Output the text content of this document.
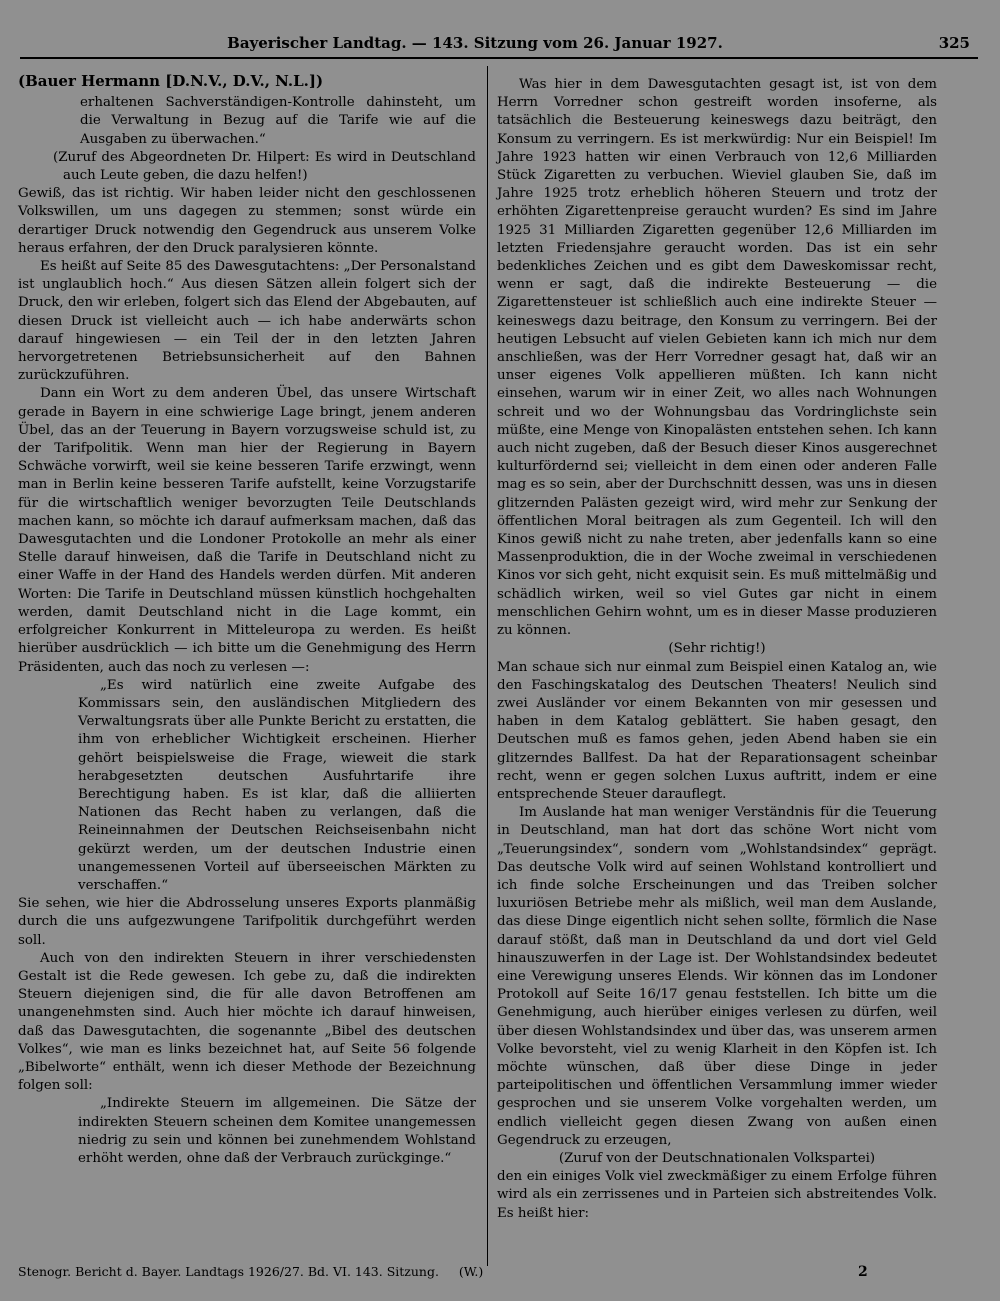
Bayerischer Landtag. — 143. Sitzung vom 26. Januar 1927.	325

(Bauer Hermann [D.N.V., D.V., N.L.])

erhaltenen Sachverständigen-Kontrolle dahinsteht, um die Verwaltung in Bezug auf die Tarife wie auf die Ausgaben zu überwachen.“

(Zuruf des Abgeordneten Dr. Hilpert: Es wird in Deutschland auch Leute geben, die dazu helfen!)

Gewiß, das ist richtig. Wir haben leider nicht den geschlossenen Volkswillen, um uns dagegen zu stemmen; sonst würde ein derartiger Druck notwendig den Gegendruck aus unserem Volke heraus erfahren, der den Druck paralysieren könnte.

Es heißt auf Seite 85 des Dawesgutachtens: „Der Personalstand ist unglaublich hoch.“ Aus diesen Sätzen allein folgert sich der Druck, den wir erleben, folgert sich das Elend der Abgebauten, auf diesen Druck ist vielleicht auch — ich habe anderwärts schon darauf hingewiesen — ein Teil der in den letzten Jahren hervorgetretenen Betriebsunsicherheit auf den Bahnen zurückzuführen.

Dann ein Wort zu dem anderen Übel, das unsere Wirtschaft gerade in Bayern in eine schwierige Lage bringt, jenem anderen Übel, das an der Teuerung in Bayern vorzugsweise schuld ist, zu der Tarifpolitik. Wenn man hier der Regierung in Bayern Schwäche vorwirft, weil sie keine besseren Tarife erzwingt, wenn man in Berlin keine besseren Tarife aufstellt, keine Vorzugstarife für die wirtschaftlich weniger bevorzugten Teile Deutschlands machen kann, so möchte ich darauf aufmerksam machen, daß das Dawesgutachten und die Londoner Protokolle an mehr als einer Stelle darauf hinweisen, daß die Tarife in Deutschland nicht zu einer Waffe in der Hand des Handels werden dürfen. Mit anderen Worten: Die Tarife in Deutschland müssen künstlich hochgehalten werden, damit Deutschland nicht in die Lage kommt, ein erfolgreicher Konkurrent in Mitteleuropa zu werden. Es heißt hierüber ausdrücklich — ich bitte um die Genehmigung des Herrn Präsidenten, auch das noch zu verlesen —:

„Es wird natürlich eine zweite Aufgabe des Kommissars sein, den ausländischen Mitgliedern des Verwaltungsrats über alle Punkte Bericht zu erstatten, die ihm von erheblicher Wichtigkeit erscheinen. Hierher gehört beispielsweise die Frage, wieweit die stark herabgesetzten deutschen Ausfuhrtarife ihre Berechtigung haben. Es ist klar, daß die alliierten Nationen das Recht haben zu verlangen, daß die Reineinnahmen der Deutschen Reichseisenbahn nicht gekürzt werden, um der deutschen Industrie einen unangemessenen Vorteil auf überseeischen Märkten zu verschaffen.“

Sie sehen, wie hier die Abdrosselung unseres Exports planmäßig durch die uns aufgezwungene Tarifpolitik durchgeführt werden soll.

Auch von den indirekten Steuern in ihrer verschiedensten Gestalt ist die Rede gewesen. Ich gebe zu, daß die indirekten Steuern diejenigen sind, die für alle davon Betroffenen am unangenehmsten sind. Auch hier möchte ich darauf hinweisen, daß das Dawesgutachten, die sogenannte „Bibel des deutschen Volkes“, wie man es links bezeichnet hat, auf Seite 56 folgende „Bibelworte“ enthält, wenn ich dieser Methode der Bezeichnung folgen soll:

„Indirekte Steuern im allgemeinen. Die Sätze der indirekten Steuern scheinen dem Komitee unangemessen niedrig zu sein und können bei zunehmendem Wohlstand erhöht werden, ohne daß der Verbrauch zurückginge.“

Was hier in dem Dawesgutachten gesagt ist, ist von dem Herrn Vorredner schon gestreift worden insoferne, als tatsächlich die Besteuerung keineswegs dazu beiträgt, den Konsum zu verringern. Es ist merkwürdig: Nur ein Beispiel! Im Jahre 1923 hatten wir einen Verbrauch von 12,6 Milliarden Stück Zigaretten zu verbuchen. Wieviel glauben Sie, daß im Jahre 1925 trotz erheblich höheren Steuern und trotz der erhöhten Zigarettenpreise geraucht wurden? Es sind im Jahre 1925 31 Milliarden Zigaretten gegenüber 12,6 Milliarden im letzten Friedensjahre geraucht worden. Das ist ein sehr bedenkliches Zeichen und es gibt dem Daweskomissar recht, wenn er sagt, daß die indirekte Besteuerung — die Zigarettensteuer ist schließlich auch eine indirekte Steuer — keineswegs dazu beitrage, den Konsum zu verringern. Bei der heutigen Lebsucht auf vielen Gebieten kann ich mich nur dem anschließen, was der Herr Vorredner gesagt hat, daß wir an unser eigenes Volk appellieren müßten. Ich kann nicht einsehen, warum wir in einer Zeit, wo alles nach Wohnungen schreit und wo der Wohnungsbau das Vordringlichste sein müßte, eine Menge von Kinopalästen entstehen sehen. Ich kann auch nicht zugeben, daß der Besuch dieser Kinos ausgerechnet kulturfördernd sei; vielleicht in dem einen oder anderen Falle mag es so sein, aber der Durchschnitt dessen, was uns in diesen glitzernden Palästen gezeigt wird, wird mehr zur Senkung der öffentlichen Moral beitragen als zum Gegenteil. Ich will den Kinos gewiß nicht zu nahe treten, aber jedenfalls kann so eine Massenproduktion, die in der Woche zweimal in verschiedenen Kinos vor sich geht, nicht exquisit sein. Es muß mittelmäßig und schädlich wirken, weil so viel Gutes gar nicht in einem menschlichen Gehirn wohnt, um es in dieser Masse produzieren zu können.

(Sehr richtig!)

Man schaue sich nur einmal zum Beispiel einen Katalog an, wie den Faschingskatalog des Deutschen Theaters! Neulich sind zwei Ausländer vor einem Bekannten von mir gesessen und haben in dem Katalog geblättert. Sie haben gesagt, den Deutschen muß es famos gehen, jeden Abend haben sie ein glitzerndes Ballfest. Da hat der Reparationsagent scheinbar recht, wenn er gegen solchen Luxus auftritt, indem er eine entsprechende Steuer darauflegt.

Im Auslande hat man weniger Verständnis für die Teuerung in Deutschland, man hat dort das schöne Wort nicht vom „Teuerungsindex“, sondern vom „Wohlstandsindex“ geprägt. Das deutsche Volk wird auf seinen Wohlstand kontrolliert und ich finde solche Erscheinungen und das Treiben solcher luxuriösen Betriebe mehr als mißlich, weil man dem Auslande, das diese Dinge eigentlich nicht sehen sollte, förmlich die Nase darauf stößt, daß man in Deutschland da und dort viel Geld hinauszuwerfen in der Lage ist. Der Wohlstandsindex bedeutet eine Verewigung unseres Elends. Wir können das im Londoner Protokoll auf Seite 16/17 genau feststellen. Ich bitte um die Genehmigung, auch hierüber einiges verlesen zu dürfen, weil über diesen Wohlstandsindex und über das, was unserem armen Volke bevorsteht, viel zu wenig Klarheit in den Köpfen ist. Ich möchte wünschen, daß über diese Dinge in jeder parteipolitischen und öffentlichen Versammlung immer wieder gesprochen und sie unserem Volke vorgehalten werden, um endlich vielleicht gegen diesen Zwang von außen einen Gegendruck zu erzeugen,

(Zuruf von der Deutschnationalen Volkspartei)

den ein einiges Volk viel zweckmäßiger zu einem Erfolge führen wird als ein zerrissenes und in Parteien sich abstreitendes Volk. Es heißt hier:

Stenogr. Bericht d. Bayer. Landtags 1926/27. Bd. VI. 143. Sitzung. (W.)	2
